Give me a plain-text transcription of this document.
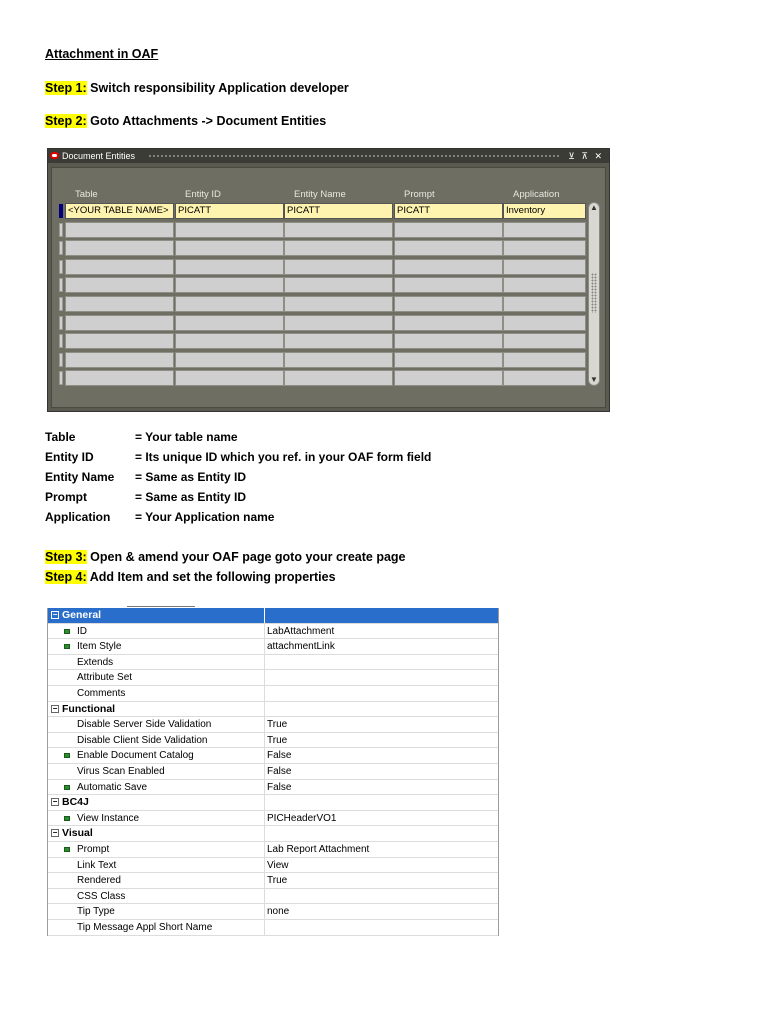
Attachment in OAF
Step 1: Switch responsibility Application developer
Step 2: Goto Attachments -> Document Entities
Document Entities	⊻ ⊼ ✕
Table	Entity ID	Entity Name	Prompt	Application
<YOUR TABLE NAME>	PICATT	PICATT	PICATT	Inventory	▲
▼
Table	= Your table name
Entity ID	= Its unique ID which you ref. in your OAF form field
Entity Name = Same as Entity ID
Prompt	= Same as Entity ID
Application = Your Application name
Step 3: Open & amend your OAF page goto your create page
Step 4: Add Item and set the following properties
− General
ID	LabAttachment
Item Style	attachmentLink
Extends
Attribute Set
Comments
− Functional
Disable Server Side Validation	True
Disable Client Side Validation	True
Enable Document Catalog	False
Virus Scan Enabled	False
Automatic Save	False
− BC4J
View Instance	PICHeaderVO1
− Visual
Prompt	Lab Report Attachment
Link Text	View
Rendered	True
CSS Class
Tip Type	none
Tip Message Appl Short Name
